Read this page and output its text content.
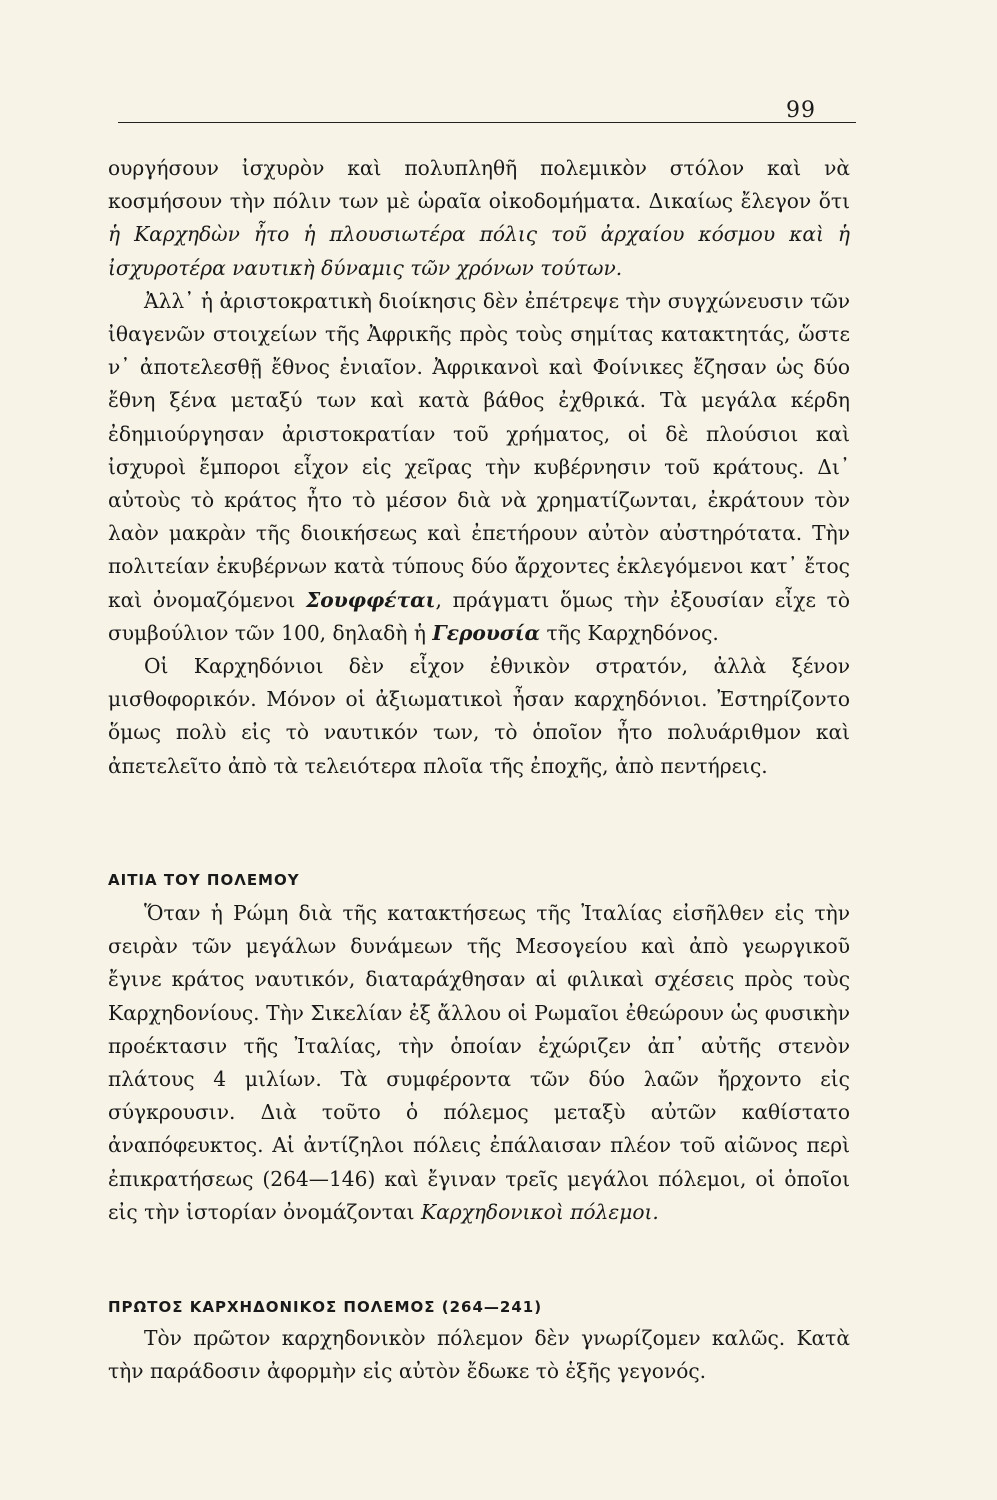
99

ουργήσουν ἰσχυρὸν καὶ πολυπληθῆ πολεμικὸν στόλον καὶ νὰ κοσμήσουν τὴν πόλιν των μὲ ὡραῖα οἰκοδομήματα. Δικαίως ἔλεγον ὅτι ἡ Καρχηδὼν ἦτο ἡ πλουσιωτέρα πόλις τοῦ ἀρχαίου κόσμου καὶ ἡ ἰσχυροτέρα ναυτικὴ δύναμις τῶν χρόνων τούτων.

Ἀλλ᾿ ἡ ἀριστοκρατικὴ διοίκησις δὲν ἐπέτρεψε τὴν συγχώνευσιν τῶν ἰθαγενῶν στοιχείων τῆς Ἀφρικῆς πρὸς τοὺς σημίτας κατακτητάς, ὥστε ν᾿ ἀποτελεσθῇ ἔθνος ἑνιαῖον. Ἀφρικανοὶ καὶ Φοίνικες ἔζησαν ὡς δύο ἔθνη ξένα μεταξύ των καὶ κατὰ βάθος ἐχθρικά. Τὰ μεγάλα κέρδη ἐδημιούργησαν ἀριστοκρατίαν τοῦ χρήματος, οἱ δὲ πλούσιοι καὶ ἰσχυροὶ ἔμποροι εἶχον εἰς χεῖρας τὴν κυβέρνησιν τοῦ κράτους. Δι᾿ αὐτοὺς τὸ κράτος ἦτο τὸ μέσον διὰ νὰ χρηματίζωνται, ἐκράτουν τὸν λαὸν μακρὰν τῆς διοικήσεως καὶ ἐπετήρουν αὐτὸν αὐστηρότατα. Τὴν πολιτείαν ἐκυβέρνων κατὰ τύπους δύο ἄρχοντες ἐκλεγόμενοι κατ᾿ ἔτος καὶ ὀνομαζόμενοι Σουφφέται, πράγματι ὅμως τὴν ἐξουσίαν εἶχε τὸ συμβούλιον τῶν 100, δηλαδὴ ἡ Γερουσία τῆς Καρχηδόνος.

Οἱ Καρχηδόνιοι δὲν εἶχον ἐθνικὸν στρατόν, ἀλλὰ ξένον μισθοφορικόν. Μόνον οἱ ἀξιωματικοὶ ἦσαν καρχηδόνιοι. Ἐστηρίζοντο ὅμως πολὺ εἰς τὸ ναυτικόν των, τὸ ὁποῖον ἦτο πολυάριθμον καὶ ἀπετελεῖτο ἀπὸ τὰ τελειότερα πλοῖα τῆς ἐποχῆς, ἀπὸ πεντήρεις.

ΑΙΤΙΑ ΤΟΥ ΠΟΛΕΜΟΥ

Ὅταν ἡ Ρώμη διὰ τῆς κατακτήσεως τῆς Ἰταλίας εἰσῆλθεν εἰς τὴν σειρὰν τῶν μεγάλων δυνάμεων τῆς Μεσογείου καὶ ἀπὸ γεωργικοῦ ἔγινε κράτος ναυτικόν, διαταράχθησαν αἱ φιλικαὶ σχέσεις πρὸς τοὺς Καρχηδονίους. Τὴν Σικελίαν ἐξ ἄλλου οἱ Ρωμαῖοι ἐθεώρουν ὡς φυσικὴν προέκτασιν τῆς Ἰταλίας, τὴν ὁποίαν ἐχώριζεν ἀπ᾿ αὐτῆς στενὸν πλάτους 4 μιλίων. Τὰ συμφέροντα τῶν δύο λαῶν ἤρχοντο εἰς σύγκρουσιν. Διὰ τοῦτο ὁ πόλεμος μεταξὺ αὐτῶν καθίστατο ἀναπόφευκτος. Αἱ ἀντίζηλοι πόλεις ἐπάλαισαν πλέον τοῦ αἰῶνος περὶ ἐπικρατήσεως (264—146) καὶ ἔγιναν τρεῖς μεγάλοι πόλεμοι, οἱ ὁποῖοι εἰς τὴν ἱστορίαν ὀνομάζονται Καρχηδονικοὶ πόλεμοι.

ΠΡΩΤΟΣ ΚΑΡΧΗΔΟΝΙΚΟΣ ΠΟΛΕΜΟΣ (264—241)

Τὸν πρῶτον καρχηδονικὸν πόλεμον δὲν γνωρίζομεν καλῶς. Κατὰ τὴν παράδοσιν ἀφορμὴν εἰς αὐτὸν ἔδωκε τὸ ἑξῆς γεγονός.
